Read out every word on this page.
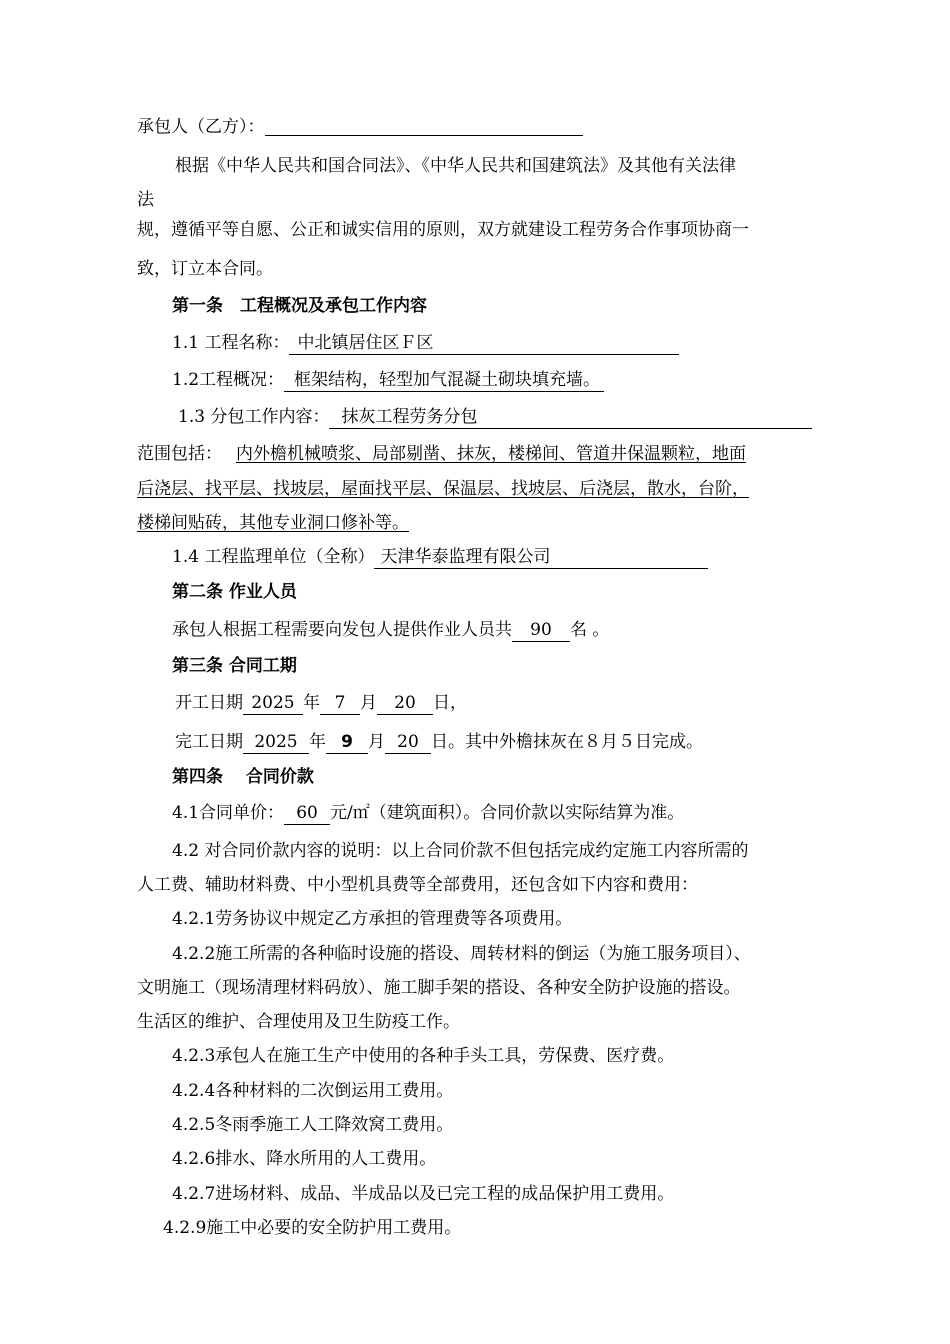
承包人（乙方）：
根据《中华人民共和国合同法》、《中华人民共和国建筑法》及其他有关法律
法
规，遵循平等自愿、公正和诚实信用的原则，双方就建设工程劳务合作事项协商一
致，订立本合同。
第一条　工程概况及承包工作内容
1.1 工程名称： 中北镇居住区Ｆ区
1.2工程概况： 框架结构，轻型加气混凝土砌块填充墙。
1.3 分包工作内容： 抹灰工程劳务分包
范围包括： 内外檐机械喷浆、局部剔凿、抹灰，楼梯间、管道井保温颗粒，地面
后浇层、找平层、找坡层，屋面找平层、保温层、找坡层、后浇层，散水，台阶，
楼梯间贴砖，其他专业洞口修补等。
1.4 工程监理单位（全称） 天津华泰监理有限公司
第二条 作业人员
承包人根据工程需要向发包人提供作业人员共 90 名 。
第三条 合同工期
开工日期 2025 年 7 月 20 日，
完工日期 2025 年 9 月 20 日。其中外檐抹灰在８月５日完成。
第四条　 合同价款
4.1合同单价： 60 元/㎡（建筑面积）。合同价款以实际结算为准。
4.2 对合同价款内容的说明：以上合同价款不但包括完成约定施工内容所需的
人工费、辅助材料费、中小型机具费等全部费用，还包含如下内容和费用：
4.2.1劳务协议中规定乙方承担的管理费等各项费用。
4.2.2施工所需的各种临时设施的搭设、周转材料的倒运（为施工服务项目）、
文明施工（现场清理材料码放）、施工脚手架的搭设、各种安全防护设施的搭设。
生活区的维护、合理使用及卫生防疫工作。
4.2.3承包人在施工生产中使用的各种手头工具，劳保费、医疗费。
4.2.4各种材料的二次倒运用工费用。
4.2.5冬雨季施工人工降效窝工费用。
4.2.6排水、降水所用的人工费用。
4.2.7进场材料、成品、半成品以及已完工程的成品保护用工费用。
4.2.9施工中必要的安全防护用工费用。
